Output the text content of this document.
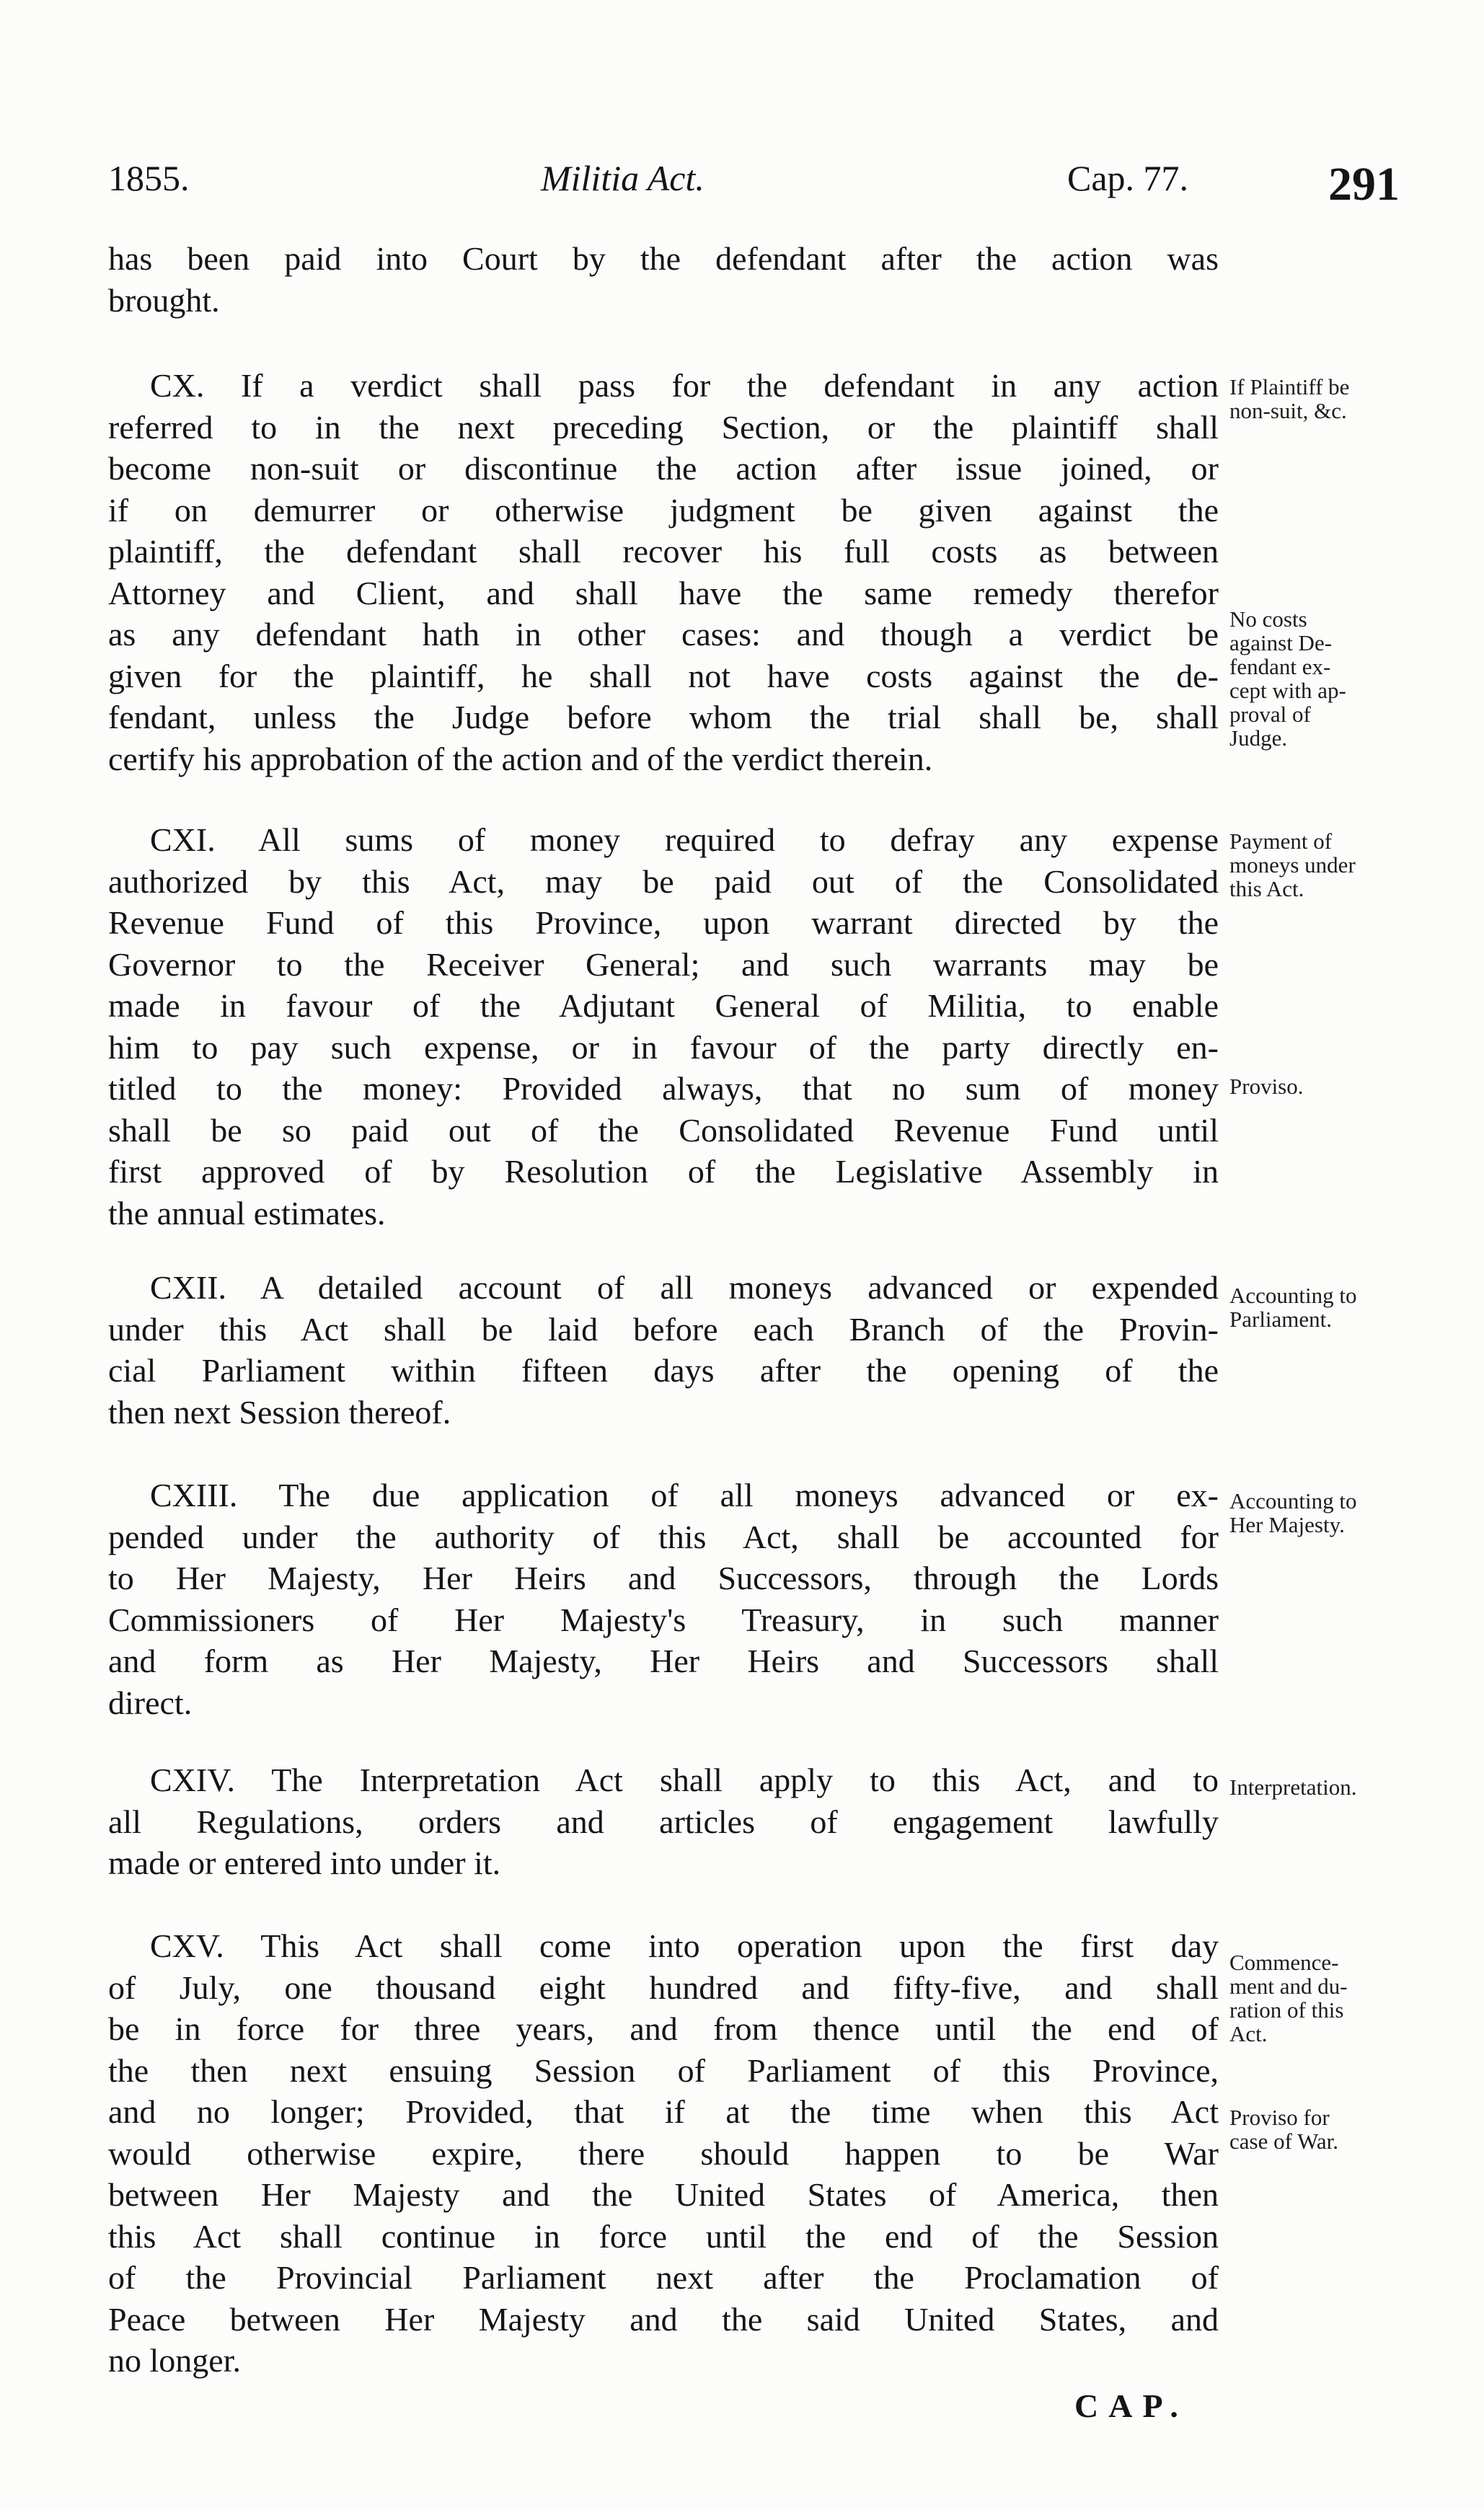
1855.	Militia Act.	Cap. 77.	291
has been paid into Court by the defendant after the action was
brought.
CX. If a verdict shall pass for the defendant in any action
referred to in the next preceding Section, or the plaintiff shall
become non-suit or discontinue the action after issue joined, or
if on demurrer or otherwise judgment be given against the
plaintiff, the defendant shall recover his full costs as between
Attorney and Client, and shall have the same remedy therefor
as any defendant hath in other cases: and though a verdict be
given for the plaintiff, he shall not have costs against the de-
fendant, unless the Judge before whom the trial shall be, shall
certify his approbation of the action and of the verdict therein.
If Plaintiff be
non-suit, &c.
No costs
against De-
fendant ex-
cept with ap-
proval of
Judge.
CXI. All sums of money required to defray any expense
authorized by this Act, may be paid out of the Consolidated
Revenue Fund of this Province, upon warrant directed by the
Governor to the Receiver General; and such warrants may be
made in favour of the Adjutant General of Militia, to enable
him to pay such expense, or in favour of the party directly en-
titled to the money: Provided always, that no sum of money
shall be so paid out of the Consolidated Revenue Fund until
first approved of by Resolution of the Legislative Assembly in
the annual estimates.
Payment of
moneys under
this Act.
Proviso.
CXII. A detailed account of all moneys advanced or expended
under this Act shall be laid before each Branch of the Provin-
cial Parliament within fifteen days after the opening of the
then next Session thereof.
Accounting to
Parliament.
CXIII. The due application of all moneys advanced or ex-
pended under the authority of this Act, shall be accounted for
to Her Majesty, Her Heirs and Successors, through the Lords
Commissioners of Her Majesty's Treasury, in such manner
and form as Her Majesty, Her Heirs and Successors shall
direct.
Accounting to
Her Majesty.
CXIV. The Interpretation Act shall apply to this Act, and to
all Regulations, orders and articles of engagement lawfully
made or entered into under it.
Interpretation.
CXV. This Act shall come into operation upon the first day
of July, one thousand eight hundred and fifty-five, and shall
be in force for three years, and from thence until the end of
the then next ensuing Session of Parliament of this Province,
and no longer; Provided, that if at the time when this Act
would otherwise expire, there should happen to be War
between Her Majesty and the United States of America, then
this Act shall continue in force until the end of the Session
of the Provincial Parliament next after the Proclamation of
Peace between Her Majesty and the said United States, and
no longer.
Commence-
ment and du-
ration of this
Act.
Proviso for
case of War.
CAP.
